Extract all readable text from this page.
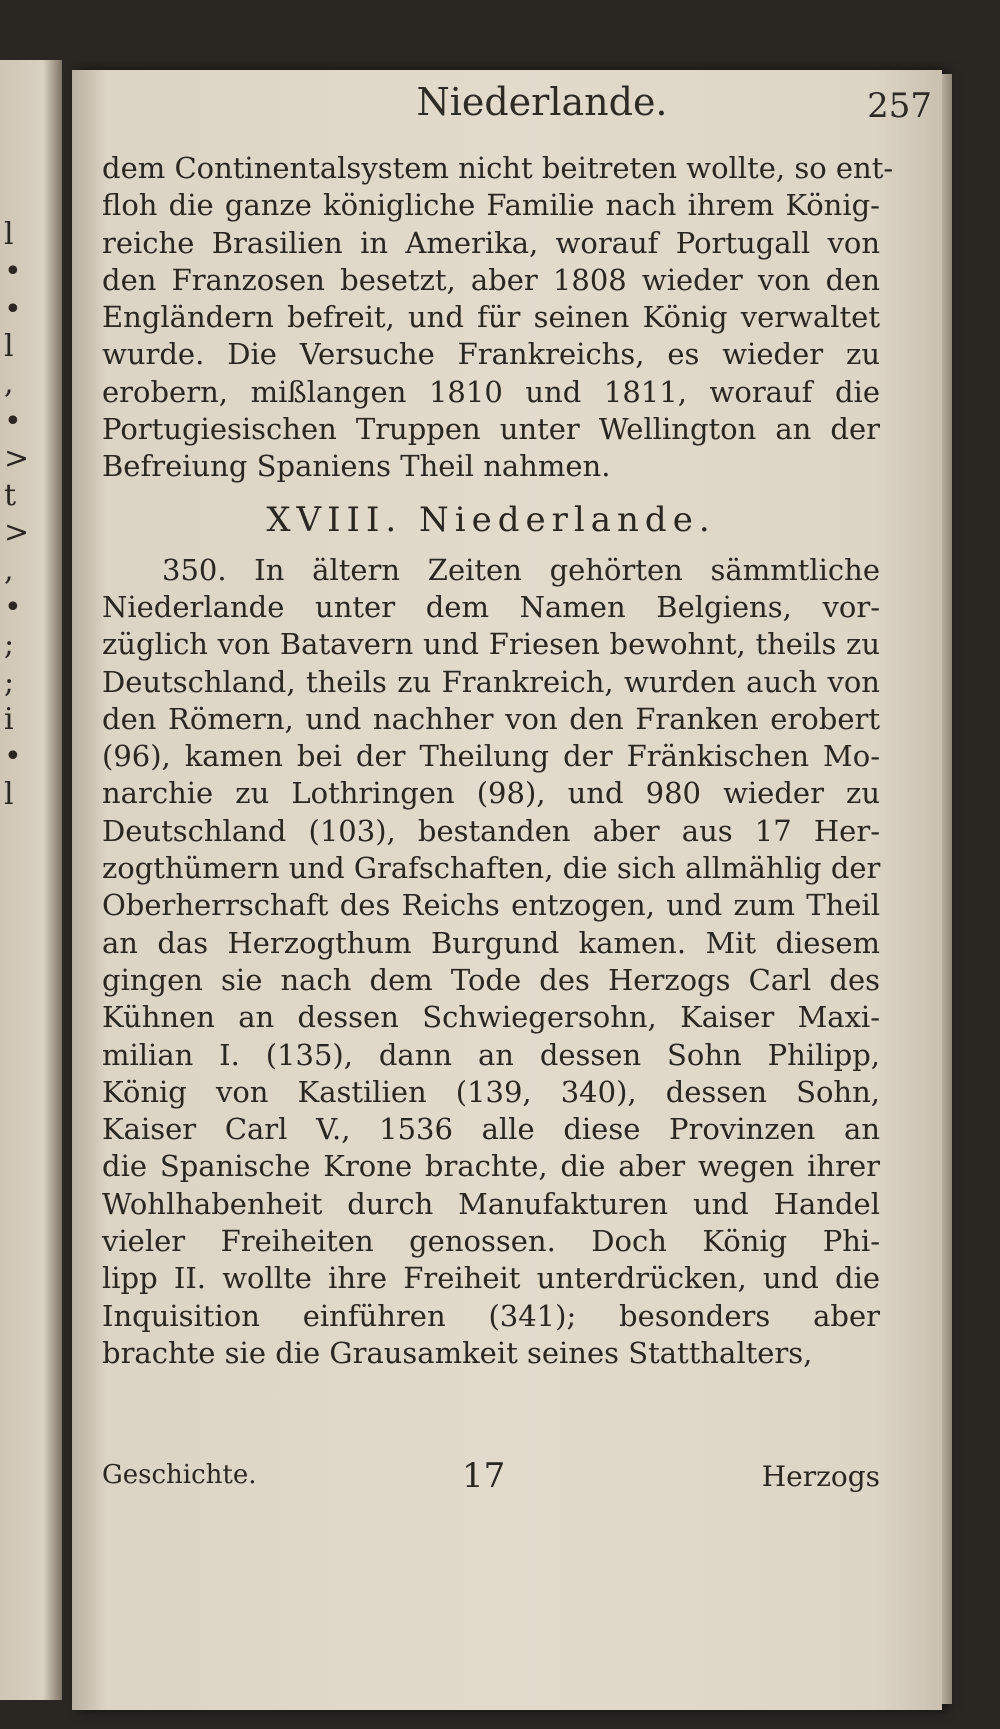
l
•
•
l
,
•
>
t
>
,
•
;
;
i
•
l
Niederlande.	257
dem Continentalsystem nicht beitreten wollte, so ent-
floh die ganze königliche Familie nach ihrem König-
reiche Brasilien in Amerika, worauf Portugall von
den Franzosen besetzt, aber 1808 wieder von den
Engländern befreit, und für seinen König verwaltet
wurde. Die Versuche Frankreichs, es wieder zu
erobern, mißlangen 1810 und 1811, worauf die
Portugiesischen Truppen unter Wellington an der
Befreiung Spaniens Theil nahmen.
XVIII. Niederlande.
350. In ältern Zeiten gehörten sämmtliche
Niederlande unter dem Namen Belgiens, vor-
züglich von Batavern und Friesen bewohnt, theils zu
Deutschland, theils zu Frankreich, wurden auch von
den Römern, und nachher von den Franken erobert
(96), kamen bei der Theilung der Fränkischen Mo-
narchie zu Lothringen (98), und 980 wieder zu
Deutschland (103), bestanden aber aus 17 Her-
zogthümern und Grafschaften, die sich allmählig der
Oberherrschaft des Reichs entzogen, und zum Theil
an das Herzogthum Burgund kamen. Mit diesem
gingen sie nach dem Tode des Herzogs Carl des
Kühnen an dessen Schwiegersohn, Kaiser Maxi-
milian I. (135), dann an dessen Sohn Philipp,
König von Kastilien (139, 340), dessen Sohn,
Kaiser Carl V., 1536 alle diese Provinzen an
die Spanische Krone brachte, die aber wegen ihrer
Wohlhabenheit durch Manufakturen und Handel
vieler Freiheiten genossen. Doch König Phi-
lipp II. wollte ihre Freiheit unterdrücken, und die
Inquisition einführen (341); besonders aber
brachte sie die Grausamkeit seines Statthalters,
Geschichte.	17	Herzogs
